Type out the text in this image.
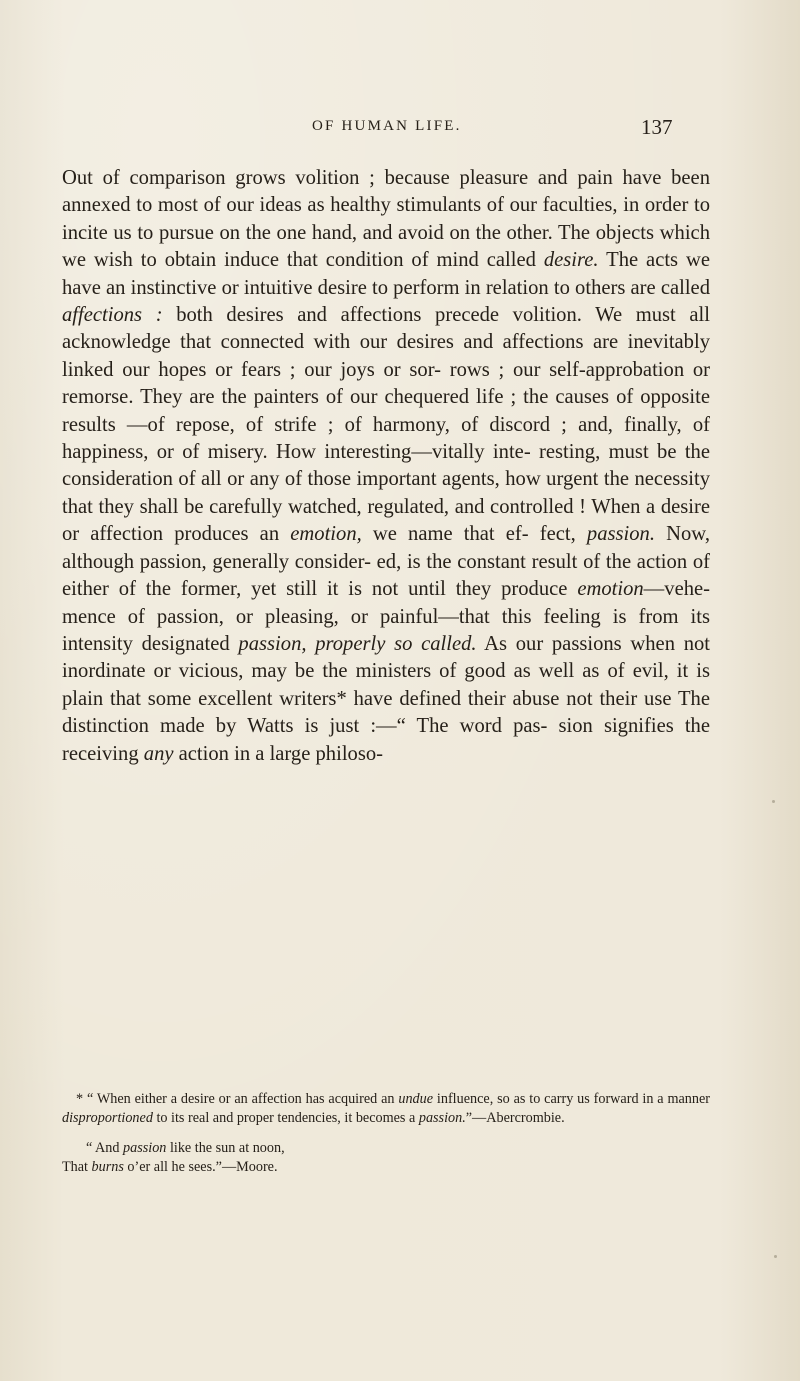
OF HUMAN LIFE.	137

Out of comparison grows volition ; because pleasure and pain have been annexed to most of our ideas as healthy stimulants of our faculties, in order to incite us to pursue on the one hand, and avoid on the other. The objects which we wish to obtain induce that condition of mind called desire. The acts we have an instinctive or intuitive desire to perform in relation to others are called affections : both desires and affections precede volition. We must all acknowledge that connected with our desires and affections are inevitably linked our hopes or fears ; our joys or sor- rows ; our self-approbation or remorse. They are the painters of our chequered life ; the causes of opposite results —of repose, of strife ; of harmony, of discord ; and, finally, of happiness, or of misery. How interesting—vitally inte- resting, must be the consideration of all or any of those important agents, how urgent the necessity that they shall be carefully watched, regulated, and controlled ! When a desire or affection produces an emotion, we name that ef- fect, passion. Now, although passion, generally consider- ed, is the constant result of the action of either of the former, yet still it is not until they produce emotion—vehe- mence of passion, or pleasing, or painful—that this feeling is from its intensity designated passion, properly so called. As our passions when not inordinate or vicious, may be the ministers of good as well as of evil, it is plain that some excellent writers* have defined their abuse not their use The distinction made by Watts is just :—“ The word pas- sion signifies the receiving any action in a large philoso-

* “ When either a desire or an affection has acquired an undue influence, so as to carry us forward in a manner disproportioned to its real and proper tendencies, it becomes a passion.”—Abercrombie.

“ And passion like the sun at noon,
That burns o’er all he sees.”—Moore.
